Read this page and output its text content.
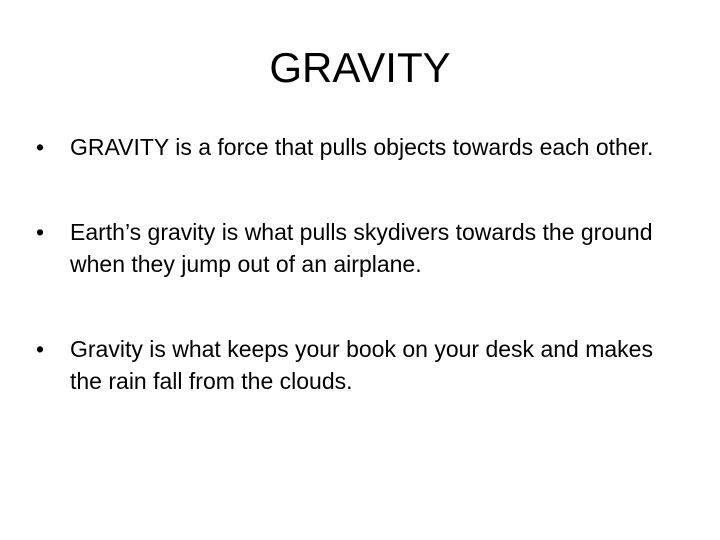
GRAVITY
•	GRAVITY is a force that pulls objects towards each other.
•	Earth’s gravity is what pulls skydivers towards the ground when they jump out of an airplane.
•	Gravity is what keeps your book on your desk and makes the rain fall from the clouds.
